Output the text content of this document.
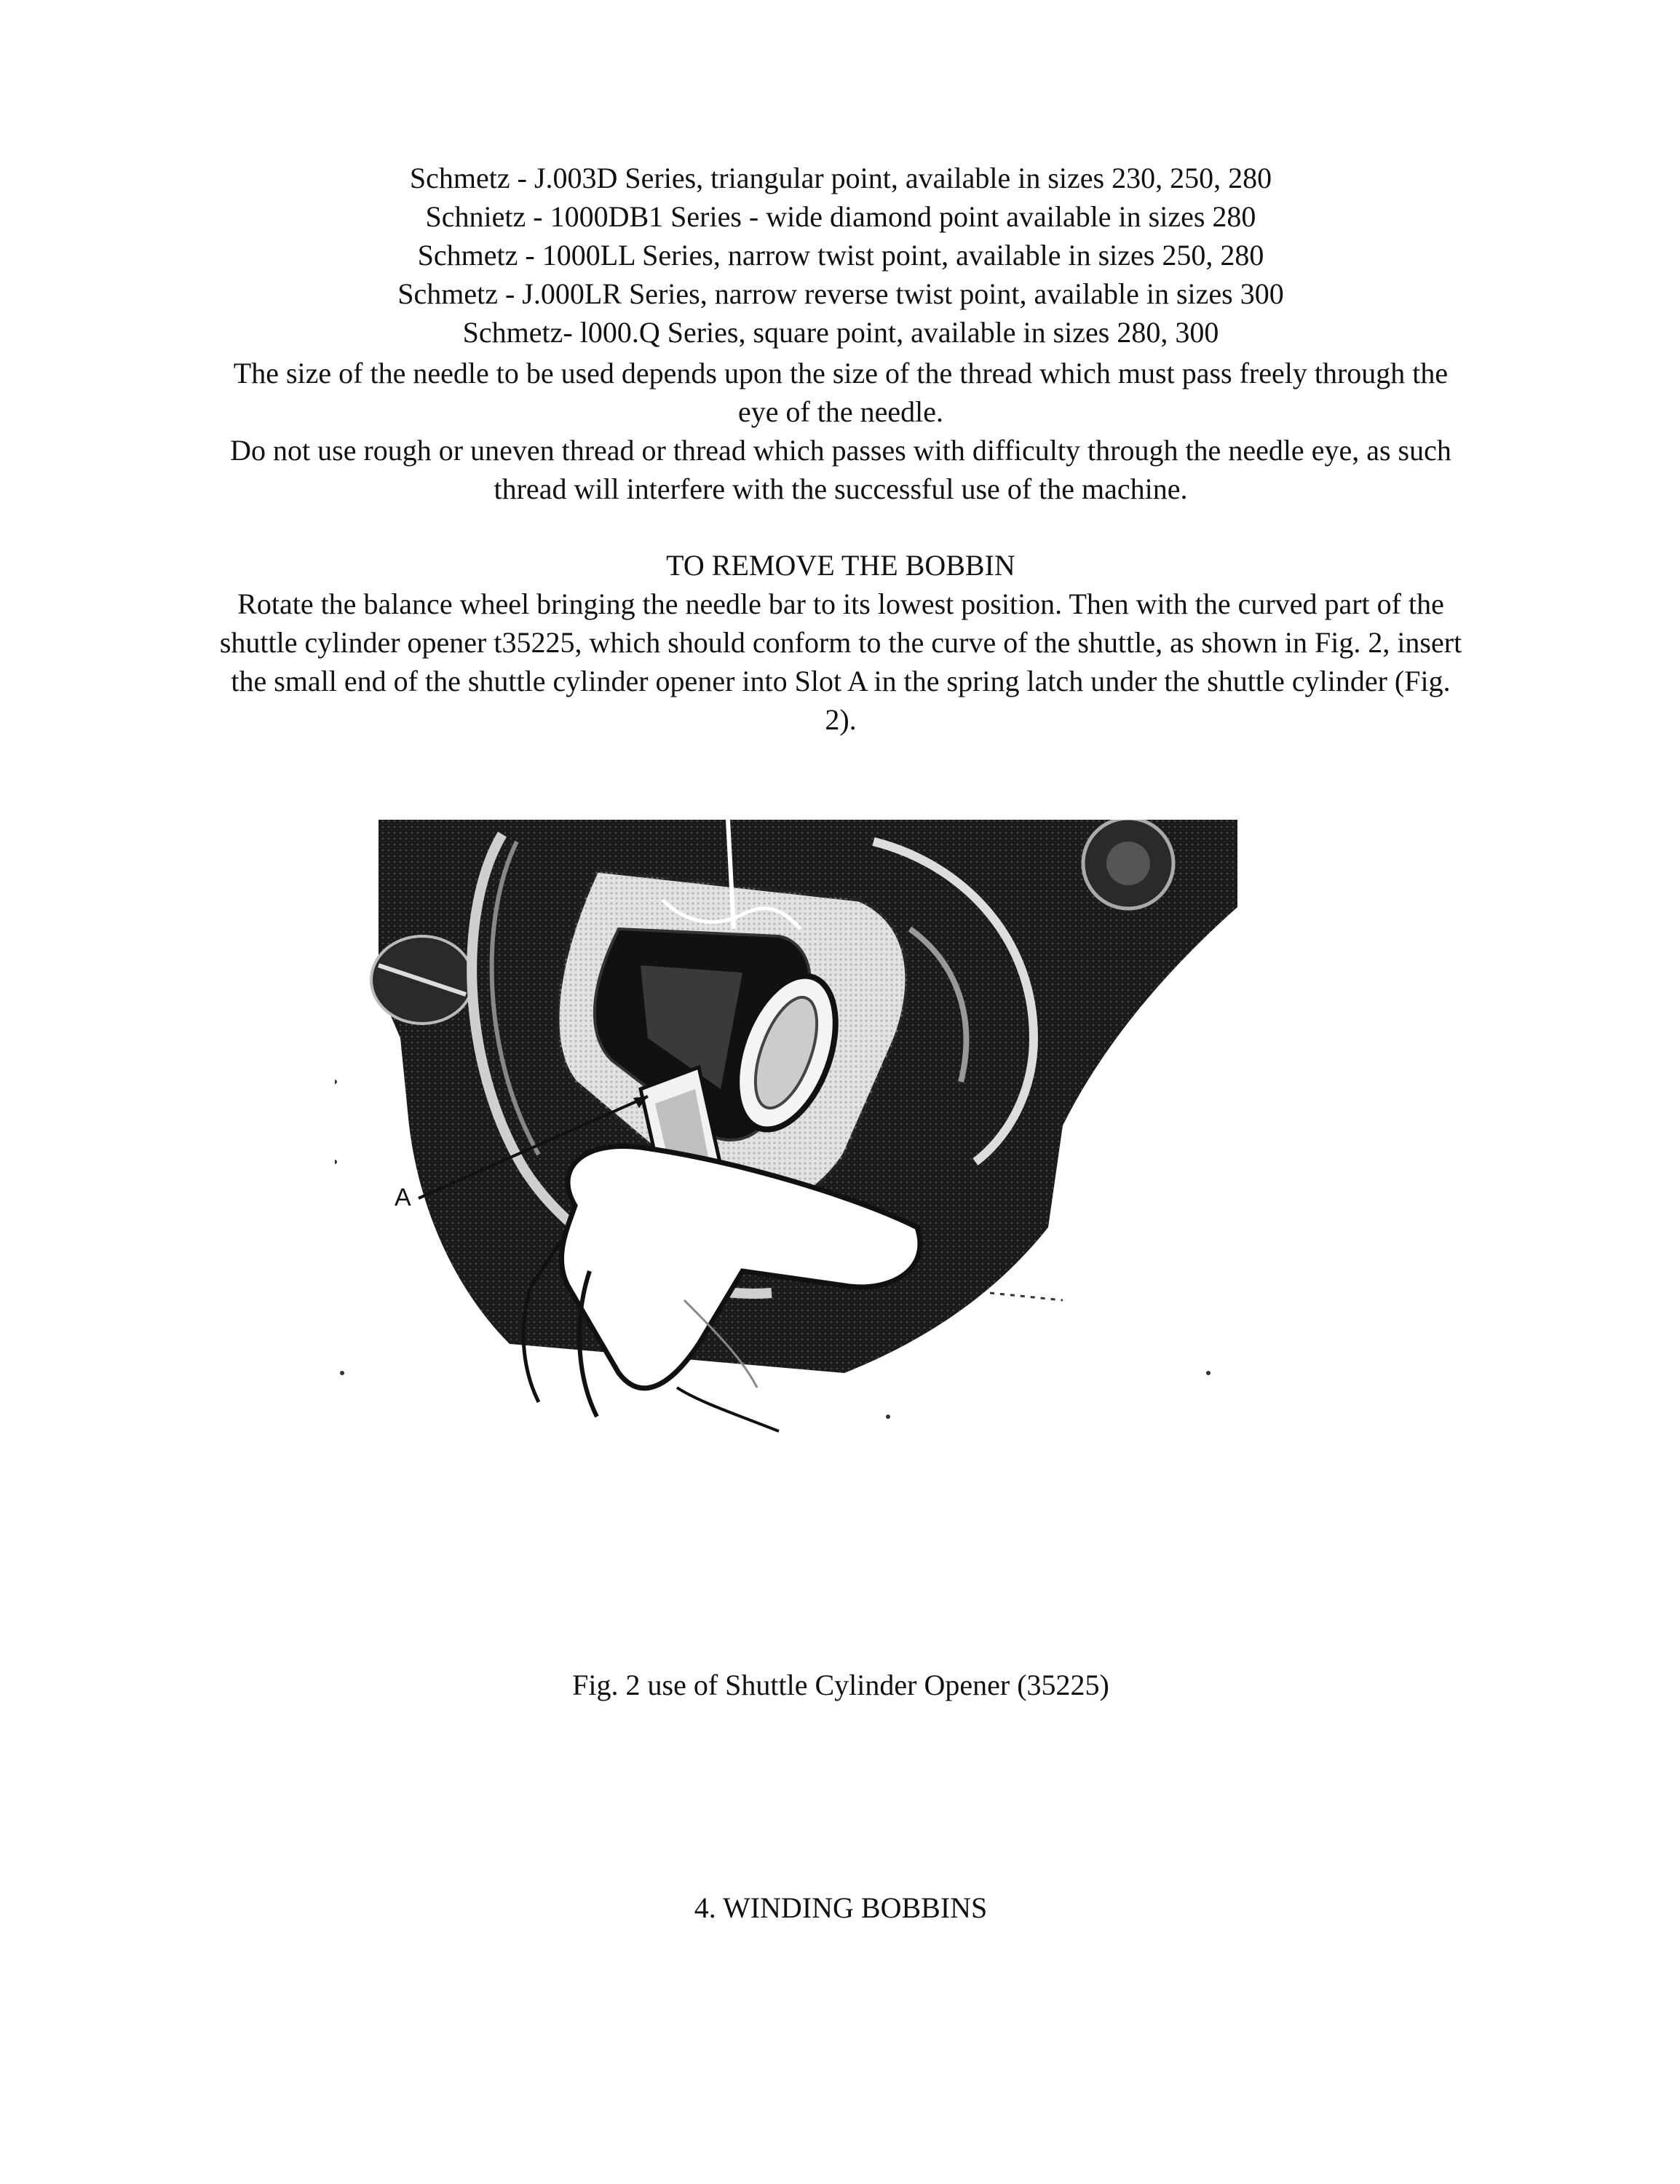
Schmetz - J.003D Series, triangular point, available in sizes 230, 250, 280
Schnietz - 1000DB1 Series - wide diamond point available in sizes 280
Schmetz - 1000LL Series, narrow twist point, available in sizes 250, 280
Schmetz - J.000LR Series, narrow reverse twist point, available in sizes 300
Schmetz- l000.Q Series, square point, available in sizes 280, 300

The size of the needle to be used depends upon the size of the thread which must pass freely through the eye of the needle.

Do not use rough or uneven thread or thread which passes with difficulty through the needle eye, as such thread will interfere with the successful use of the machine.

TO REMOVE THE BOBBIN

Rotate the balance wheel bringing the needle bar to its lowest position. Then with the curved part of the shuttle cylinder opener t35225, which should conform to the curve of the shuttle, as shown in Fig. 2, insert the small end of the shuttle cylinder opener into Slot A in the spring latch under the shuttle cylinder (Fig. 2).

A

Fig. 2 use of Shuttle Cylinder Opener (35225)

4. WINDING BOBBINS
